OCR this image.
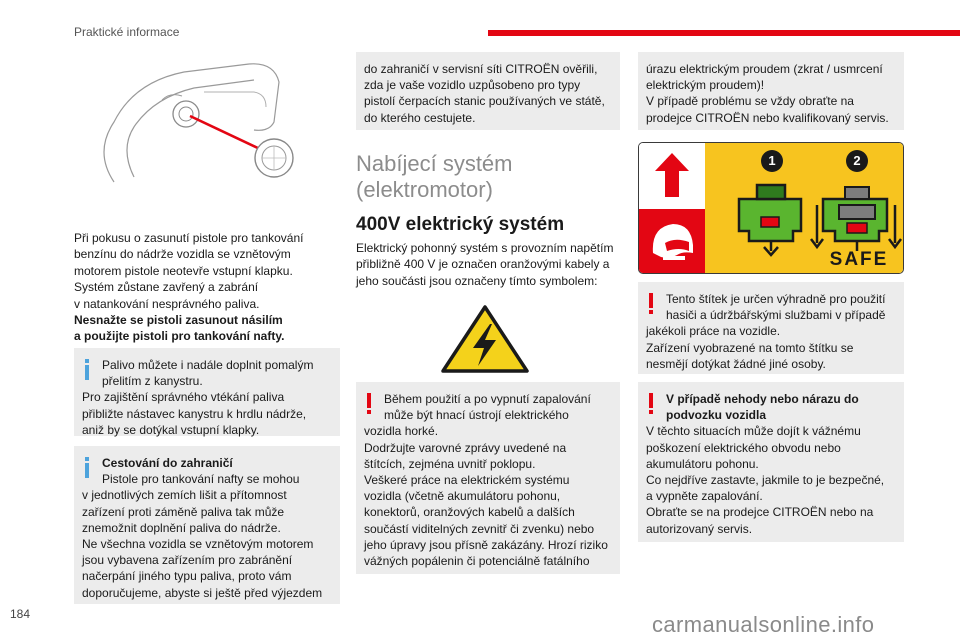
Praktické informace

Při pokusu o zasunutí pistole pro tankování

benzínu do nádrže vozidla se vznětovým

motorem pistole neotevře vstupní klapku.

Systém zůstane zavřený a zabrání

v natankování nesprávného paliva.

Nesnažte se pistoli zasunout násilím

a použijte pistoli pro tankování nafty.

Palivo můžete i nadále doplnit pomalým

přelitím z kanystru.

Pro zajištění správného vtékání paliva

přibližte nástavec kanystru k hrdlu nádrže,

aniž by se dotýkal vstupní klapky.

Cestování do zahraničí

Pistole pro tankování nafty se mohou

v jednotlivých zemích lišit a přítomnost

zařízení proti záměně paliva tak může

znemožnit doplnění paliva do nádrže.

Ne všechna vozidla se vznětovým motorem

jsou vybavena zařízením pro zabránění

načerpání jiného typu paliva, proto vám

doporučujeme, abyste si ještě před výjezdem

do zahraničí v servisní síti CITROËN ověřili,

zda je vaše vozidlo uzpůsobeno pro typy

pistolí čerpacích stanic používaných ve státě,

do kterého cestujete.

Nabíjecí systém
(elektromotor)
400V elektrický systém

Elektrický pohonný systém s provozním napětím

přibližně 400 V je označen oranžovými kabely a

jeho součásti jsou označeny tímto symbolem:

Během použití a po vypnutí zapalování

může být hnací ústrojí elektrického

vozidla horké.

Dodržujte varovné zprávy uvedené na

štítcích, zejména uvnitř poklopu.

Veškeré práce na elektrickém systému

vozidla (včetně akumulátoru pohonu,

konektorů, oranžových kabelů a dalších

součástí viditelných zevnitř či zvenku) nebo

jeho úpravy jsou přísně zakázány. Hrozí riziko

vážných popálenin či potenciálně fatálního

úrazu elektrickým proudem (zkrat / usmrcení

elektrickým proudem)!

V případě problému se vždy obraťte na

prodejce CITROËN nebo kvalifikovaný servis.

1	2
SAFE

Tento štítek je určen výhradně pro použití

hasiči a údržbářskými službami v případě

jakékoli práce na vozidle.

Zařízení vyobrazené na tomto štítku se

nesmějí dotýkat žádné jiné osoby.

V případě nehody nebo nárazu do

podvozku vozidla

V těchto situacích může dojít k vážnému

poškození elektrického obvodu nebo

akumulátoru pohonu.

Co nejdříve zastavte, jakmile to je bezpečné,

a vypněte zapalování.

Obraťte se na prodejce CITROËN nebo na

autorizovaný servis.

184	carmanualsonline.info
